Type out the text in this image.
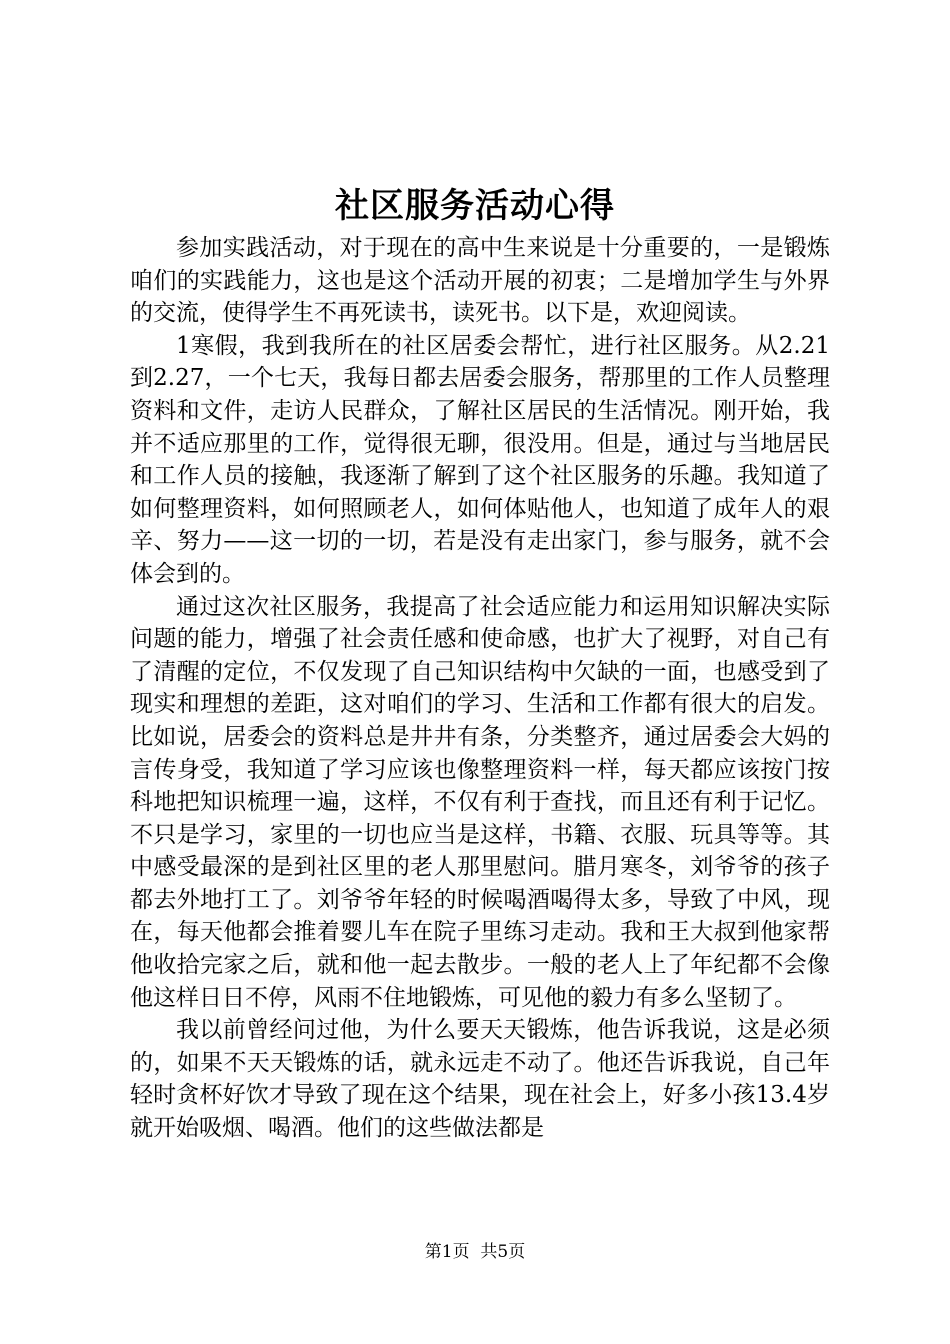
社区服务活动心得

参加实践活动，对于现在的高中生来说是十分重要的，一是锻炼咱们的实践能力，这也是这个活动开展的初衷；二是增加学生与外界的交流，使得学生不再死读书，读死书。以下是，欢迎阅读。

1寒假，我到我所在的社区居委会帮忙，进行社区服务。从2.21到2.27，一个七天，我每日都去居委会服务，帮那里的工作人员整理资料和文件，走访人民群众，了解社区居民的生活情况。刚开始，我并不适应那里的工作，觉得很无聊，很没用。但是，通过与当地居民和工作人员的接触，我逐渐了解到了这个社区服务的乐趣。我知道了如何整理资料，如何照顾老人，如何体贴他人，也知道了成年人的艰辛、努力——这一切的一切，若是没有走出家门，参与服务，就不会体会到的。

通过这次社区服务，我提高了社会适应能力和运用知识解决实际问题的能力，增强了社会责任感和使命感，也扩大了视野，对自己有了清醒的定位，不仅发现了自己知识结构中欠缺的一面，也感受到了现实和理想的差距，这对咱们的学习、生活和工作都有很大的启发。比如说，居委会的资料总是井井有条，分类整齐，通过居委会大妈的言传身受，我知道了学习应该也像整理资料一样，每天都应该按门按科地把知识梳理一遍，这样，不仅有利于查找，而且还有利于记忆。不只是学习，家里的一切也应当是这样，书籍、衣服、玩具等等。其中感受最深的是到社区里的老人那里慰问。腊月寒冬，刘爷爷的孩子都去外地打工了。刘爷爷年轻的时候喝酒喝得太多，导致了中风，现在，每天他都会推着婴儿车在院子里练习走动。我和王大叔到他家帮他收拾完家之后，就和他一起去散步。一般的老人上了年纪都不会像他这样日日不停，风雨不住地锻炼，可见他的毅力有多么坚韧了。

我以前曾经问过他，为什么要天天锻炼，他告诉我说，这是必须的，如果不天天锻炼的话，就永远走不动了。他还告诉我说，自己年轻时贪杯好饮才导致了现在这个结果，现在社会上，好多小孩13.4岁就开始吸烟、喝酒。他们的这些做法都是

第1页  共5页
